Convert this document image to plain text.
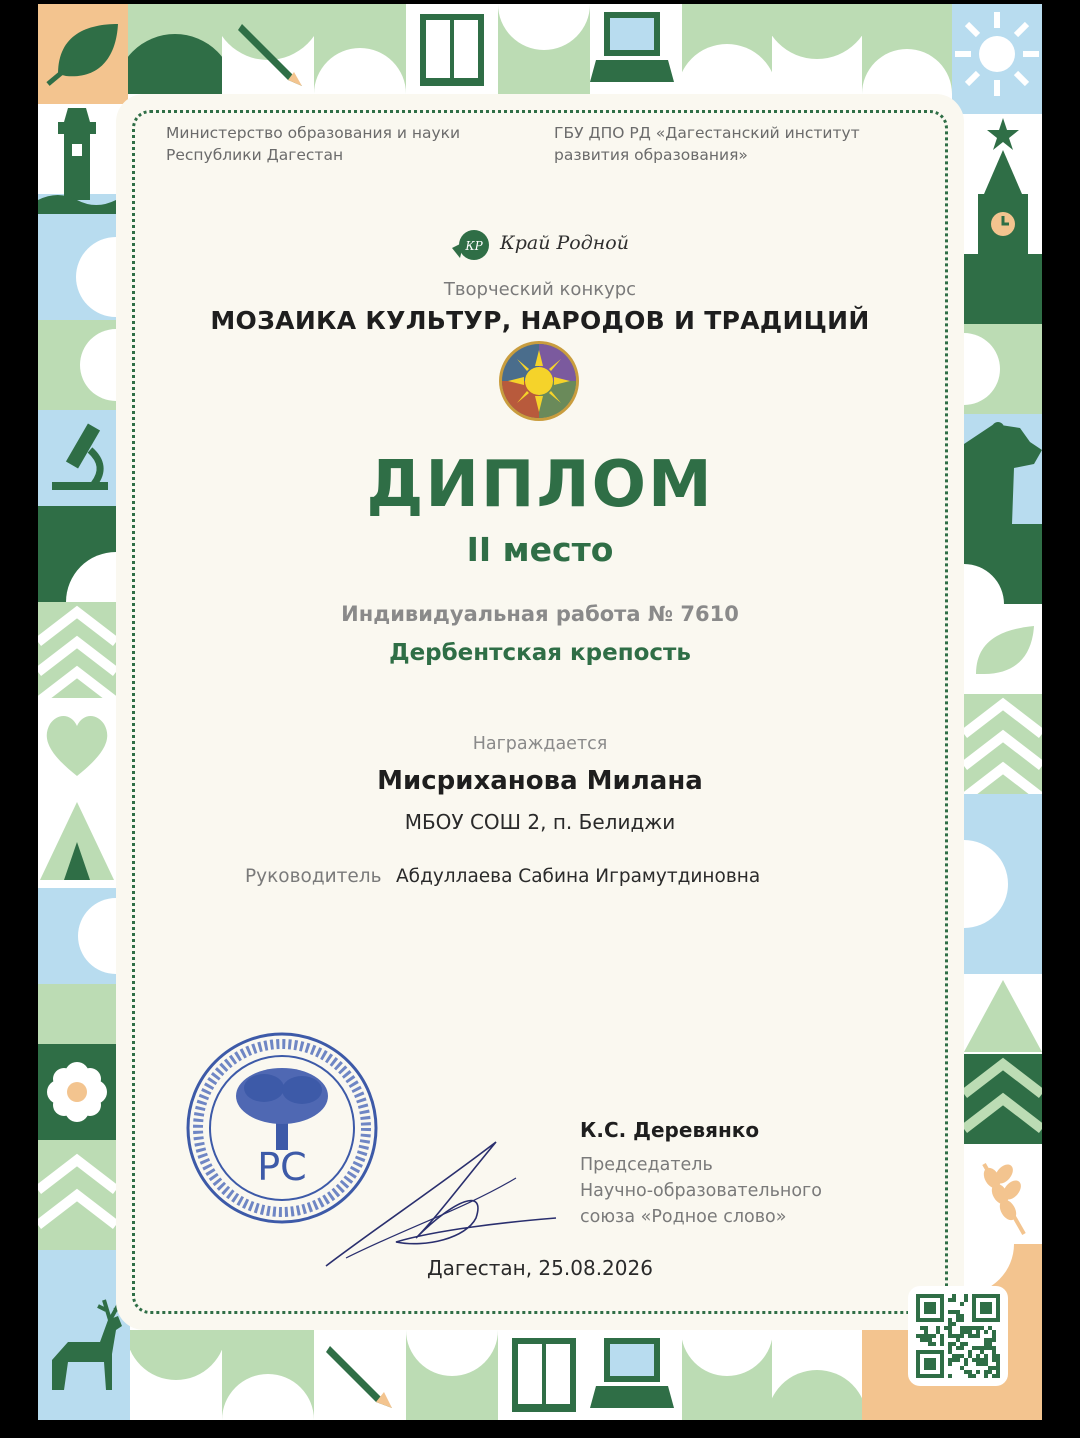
Министерство образования и науки
Республики Дагестан
ГБУ ДПО РД «Дагестанский институт
развития образования»
КР Край Родной
Творческий конкурс
МОЗАИКА КУЛЬТУР, НАРОДОВ И ТРАДИЦИЙ
ДИПЛОМ
II место
Индивидуальная работа № 7610
Дербентская крепость
Награждается
Мисриханова Милана
МБОУ СОШ 2, п. Белиджи
Руководитель Абдуллаева Сабина Играмутдиновна
РС
К.С. Деревянко
Председатель
Научно-образовательного
союза «Родное слово»
Дагестан, 25.08.2026
